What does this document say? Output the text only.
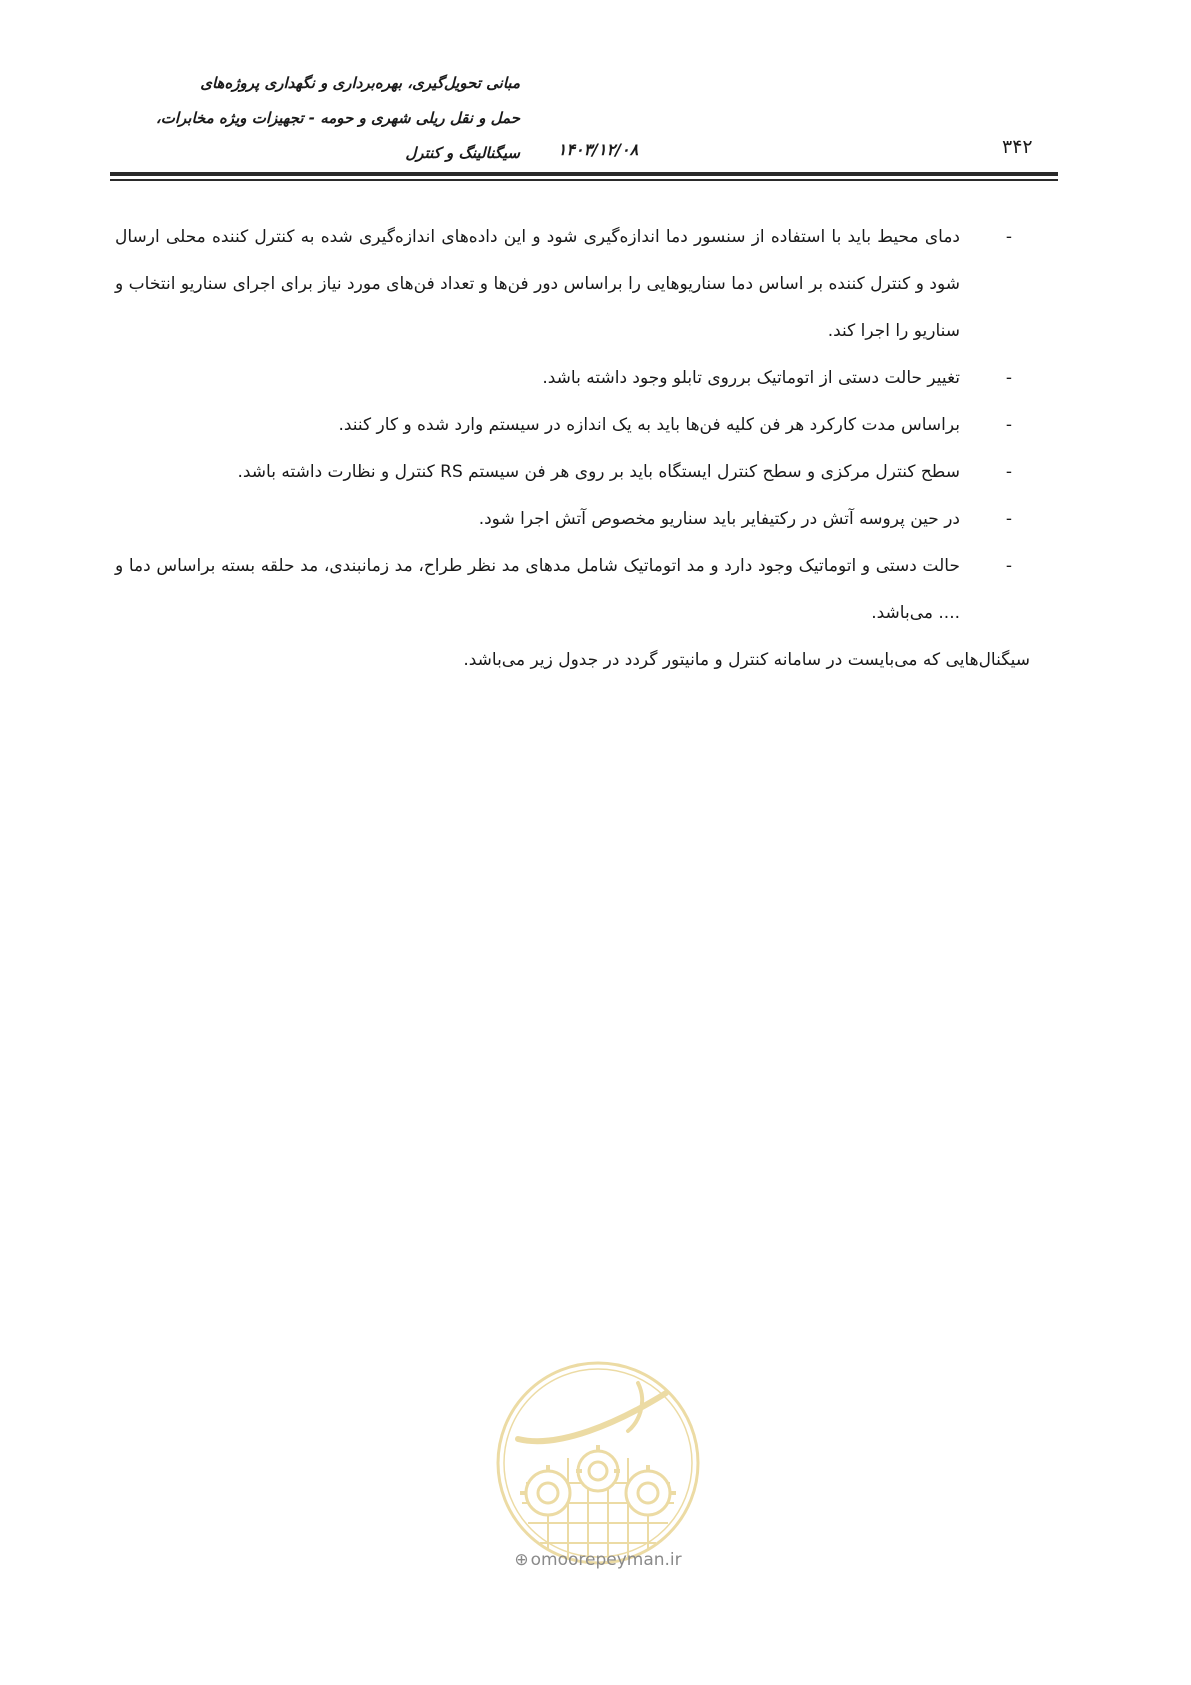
۳۴۲
۱۴۰۳/۱۲/۰۸
مبانی تحویل‌گیری، بهره‌برداری و نگهداری پروژه‌های
حمل و نقل ریلی شهری و حومه - تجهیزات ویژه مخابرات،
سیگنالینگ و کنترل
-
دمای محیط باید با استفاده از سنسور دما اندازه‌گیری شود و این داده‌های اندازه‌گیری شده به کنترل کننده محلی ارسال شود و کنترل کننده بر اساس دما سناریوهایی را براساس دور فن‌ها و تعداد فن‌های مورد نیاز برای اجرای سناریو انتخاب و سناریو را اجرا کند.
-
تغییر حالت دستی از اتوماتیک برروی تابلو وجود داشته باشد.
-
براساس مدت کارکرد هر فن کلیه فن‌ها باید به یک اندازه در سیستم وارد شده و کار کنند.
-
سطح کنترل مرکزی و سطح کنترل ایستگاه باید بر روی هر فن سیستم RS کنترل و نظارت داشته باشد.
-
در حین پروسه آتش در رکتیفایر باید سناریو مخصوص آتش اجرا شود.
-
حالت دستی و اتوماتیک وجود دارد و مد اتوماتیک شامل مدهای مد نظر طراح، مد زمانبندی، مد حلقه بسته براساس دما و .... می‌باشد.

سیگنال‌هایی که می‌بایست در سامانه کنترل و مانیتور گردد در جدول زیر می‌باشد.

⊕ omoorepeyman.ir
